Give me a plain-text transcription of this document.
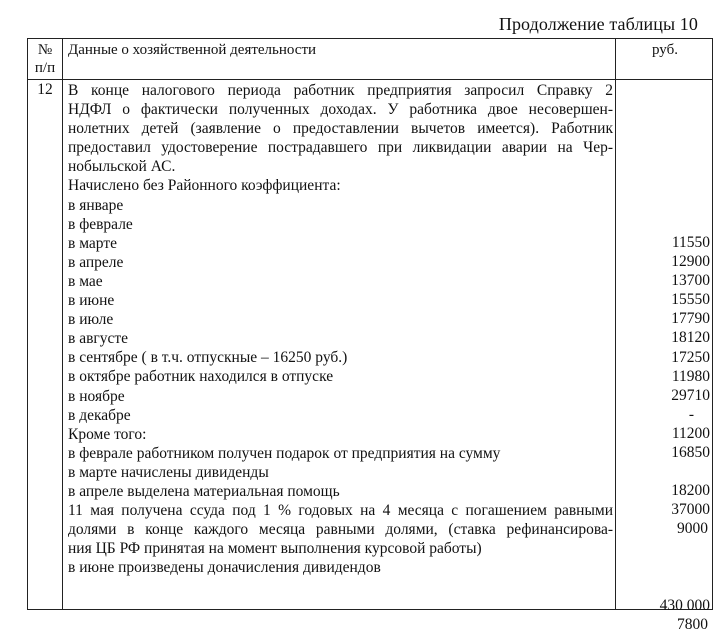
Продолжение таблицы 10
№
п/п
Данные о хозяйственной деятельности	руб.
12 В конце налогового периода работник предприятия запросил Справку 2
НДФЛ о фактически полученных доходах. У работника двое несовершен-
нолетних детей (заявление о предоставлении вычетов имеется). Работник
предоставил удостоверение пострадавшего при ликвидации аварии на Чер-
нобыльской АС.
Начислено без Районного коэффициента:
в январе
в феврале
в марте
в апреле
в мае
в июне
в июле
в августе
в сентябре ( в т.ч. отпускные – 16250 руб.)
в октябре работник находился в отпуске
в ноябре
в декабре
Кроме того:
в феврале работником получен подарок от предприятия на сумму
в марте начислены дивиденды
в апреле выделена материальная помощь
11 мая получена ссуда под 1 % годовых на 4 месяца с погашением равными
долями в конце каждого месяца равными долями, (ставка рефинансирова-
ния ЦБ РФ принятая на момент выполнения курсовой работы)
в июне произведены доначисления дивидендов
11550
12900
13700
15550
17790
18120
17250
11980
29710
-
11200
16850
18200
37000
9000
430 000
7800
